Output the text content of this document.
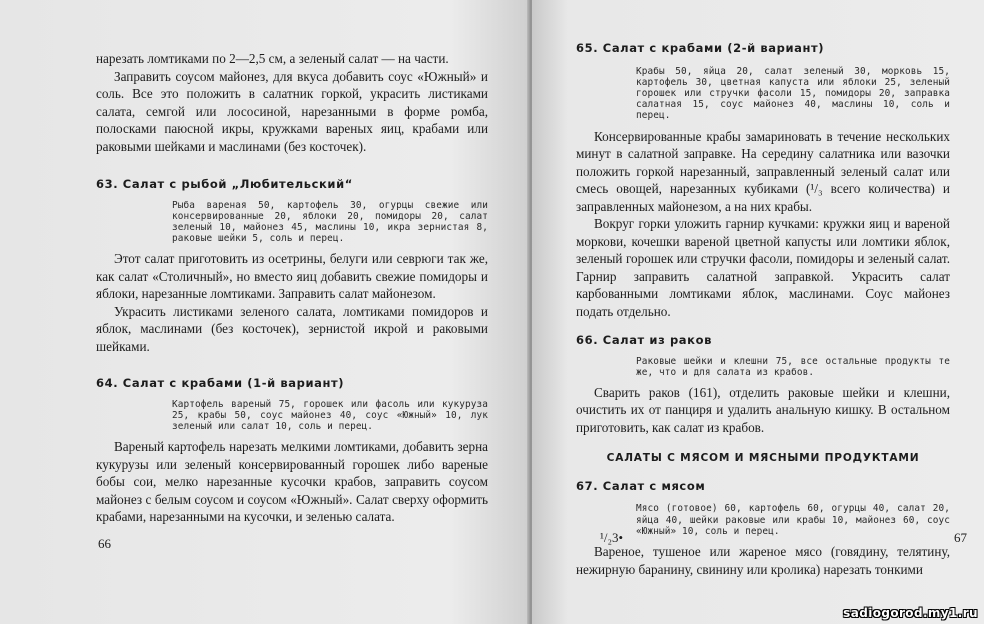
нарезать ломтиками по 2—2,5 см, а зеленый салат — на части.

Заправить соусом майонез, для вкуса добавить соус «Южный» и соль. Все это положить в салатник горкой, украсить листиками салата, семгой или лососиной, нарезанными в форме ромба, полосками паюсной икры, кружками вареных яиц, крабами или раковыми шейками и маслинами (без косточек).

63. Салат с рыбой „Любительский“

Рыба вареная 50, картофель 30, огурцы свежие или консервированные 20, яблоки 20, помидоры 20, салат зеленый 10, майонез 45, маслины 10, икра зернистая 8, раковые шейки 5, соль и перец.

Этот салат приготовить из осетрины, белуги или севрюги так же, как салат «Столичный», но вместо яиц добавить свежие помидоры и яблоки, нарезанные ломтиками. Заправить салат майонезом.

Украсить листиками зеленого салата, ломтиками помидоров и яблок, маслинами (без косточек), зернистой икрой и раковыми шейками.

64. Салат с крабами (1-й вариант)

Картофель вареный 75, горошек или фасоль или кукуруза 25, крабы 50, соус майонез 40, соус «Южный» 10, лук зеленый или салат 10, соль и перец.

Вареный картофель нарезать мелкими ломтиками, добавить зерна кукурузы или зеленый консервированный горошек либо вареные бобы сои, мелко нарезанные кусочки крабов, заправить соусом майонез с белым соусом и соусом «Южный». Салат сверху оформить крабами, нарезанными на кусочки, и зеленью салата.

66

65. Салат с крабами (2-й вариант)

Крабы 50, яйца 20, салат зеленый 30, морковь 15, картофель 30, цветная капуста или яблоки 25, зеленый горошек или стручки фасоли 15, помидоры 20, заправка салатная 15, соус майонез 40, маслины 10, соль и перец.

Консервированные крабы замариновать в течение нескольких минут в салатной заправке. На середину салатника или вазочки положить горкой нарезанный, заправленный зеленый салат или смесь овощей, нарезанных кубиками (¹/₃ всего количества) и заправленных майонезом, а на них крабы.

Вокруг горки уложить гарнир кучками: кружки яиц и вареной моркови, кочешки вареной цветной капусты или ломтики яблок, зеленый горошек или стручки фасоли, помидоры и зеленый салат. Гарнир заправить салатной заправкой. Украсить салат карбованными ломтиками яблок, маслинами. Соус майонез подать отдельно.

66. Салат из раков

Раковые шейки и клешни 75, все остальные продукты те же, что и для салата из крабов.

Сварить раков (161), отделить раковые шейки и клешни, очистить их от панциря и удалить анальную кишку. В остальном приготовить, как салат из крабов.

САЛАТЫ С МЯСОМ И МЯСНЫМИ ПРОДУКТАМИ

67. Салат с мясом

Мясо (готовое) 60, картофель 60, огурцы 40, салат 20, яйца 40, шейки раковые или крабы 10, майонез 60, соус «Южный» 10, соль и перец.

Вареное, тушеное или жареное мясо (говядину, телятину, нежирную баранину, свинину или кролика) нарезать тонкими

¹/₂3•	67
sadiogorod.my1.ru
